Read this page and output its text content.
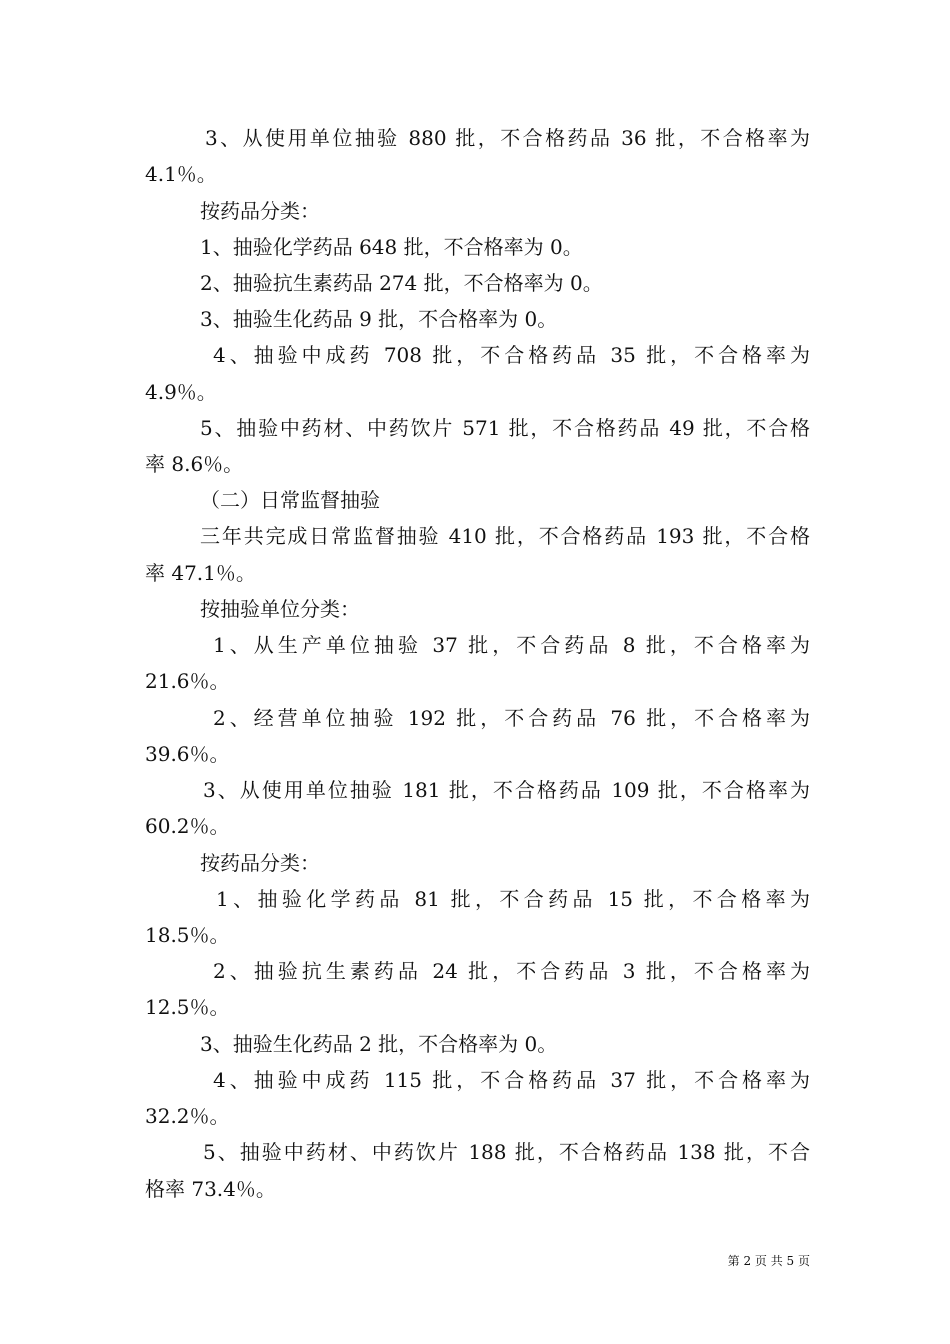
3、从使用单位抽验 880 批，不合格药品 36 批，不合格率为
4.1％。
按药品分类：
1、抽验化学药品 648 批，不合格率为 0。
2、抽验抗生素药品 274 批，不合格率为 0。
3、抽验生化药品 9 批，不合格率为 0。
4、抽验中成药 708 批，不合格药品 35 批，不合格率为
4.9％。
5、抽验中药材、中药饮片 571 批，不合格药品 49 批，不合格
率 8.6％。
（二）日常监督抽验
三年共完成日常监督抽验 410 批，不合格药品 193 批，不合格
率 47.1％。
按抽验单位分类：
1、从生产单位抽验 37 批，不合药品 8 批，不合格率为
21.6％。
2、经营单位抽验 192 批，不合药品 76 批，不合格率为
39.6％。
3、从使用单位抽验 181 批，不合格药品 109 批，不合格率为
60.2％。
按药品分类：
1、抽验化学药品 81 批，不合药品 15 批，不合格率为
18.5％。
2、抽验抗生素药品 24 批，不合药品 3 批，不合格率为
12.5％。
3、抽验生化药品 2 批，不合格率为 0。
4、抽验中成药 115 批，不合格药品 37 批，不合格率为
32.2％。
5、抽验中药材、中药饮片 188 批，不合格药品 138 批，不合
格率 73.4％。
第 2 页 共 5 页
